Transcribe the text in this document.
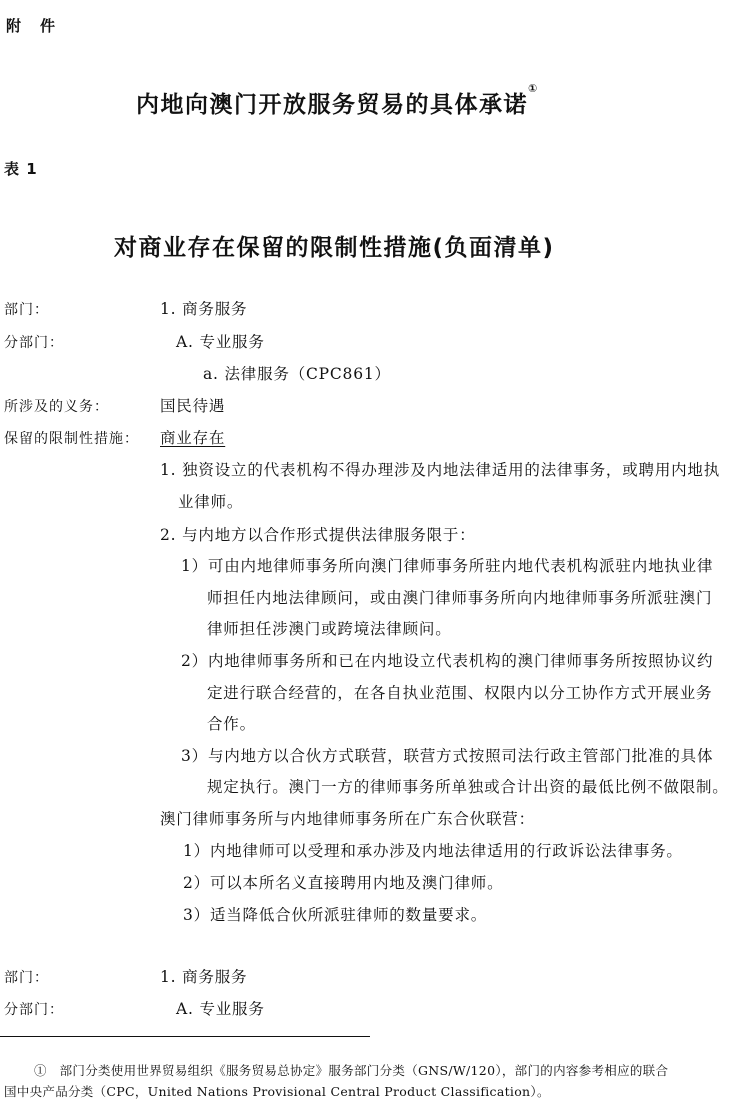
附　件
内地向澳门开放服务贸易的具体承诺①
表 1
对商业存在保留的限制性措施(负面清单)
部门：	1. 商务服务
分部门：	A. 专业服务
a. 法律服务（CPC861）
所涉及的义务：	国民待遇
保留的限制性措施： 商业存在
1. 独资设立的代表机构不得办理涉及内地法律适用的法律事务，或聘用内地执
业律师。
2. 与内地方以合作形式提供法律服务限于：
1）可由内地律师事务所向澳门律师事务所驻内地代表机构派驻内地执业律
师担任内地法律顾问，或由澳门律师事务所向内地律师事务所派驻澳门
律师担任涉澳门或跨境法律顾问。
2）内地律师事务所和已在内地设立代表机构的澳门律师事务所按照协议约
定进行联合经营的，在各自执业范围、权限内以分工协作方式开展业务
合作。
3）与内地方以合伙方式联营，联营方式按照司法行政主管部门批准的具体
规定执行。澳门一方的律师事务所单独或合计出资的最低比例不做限制。
澳门律师事务所与内地律师事务所在广东合伙联营：
1）内地律师可以受理和承办涉及内地法律适用的行政诉讼法律事务。
2）可以本所名义直接聘用内地及澳门律师。
3）适当降低合伙所派驻律师的数量要求。
部门：	1. 商务服务
分部门：	A. 专业服务
①　部门分类使用世界贸易组织《服务贸易总协定》服务部门分类（GNS/W/120），部门的内容参考相应的联合
国中央产品分类（CPC，United Nations Provisional Central Product Classification）。
